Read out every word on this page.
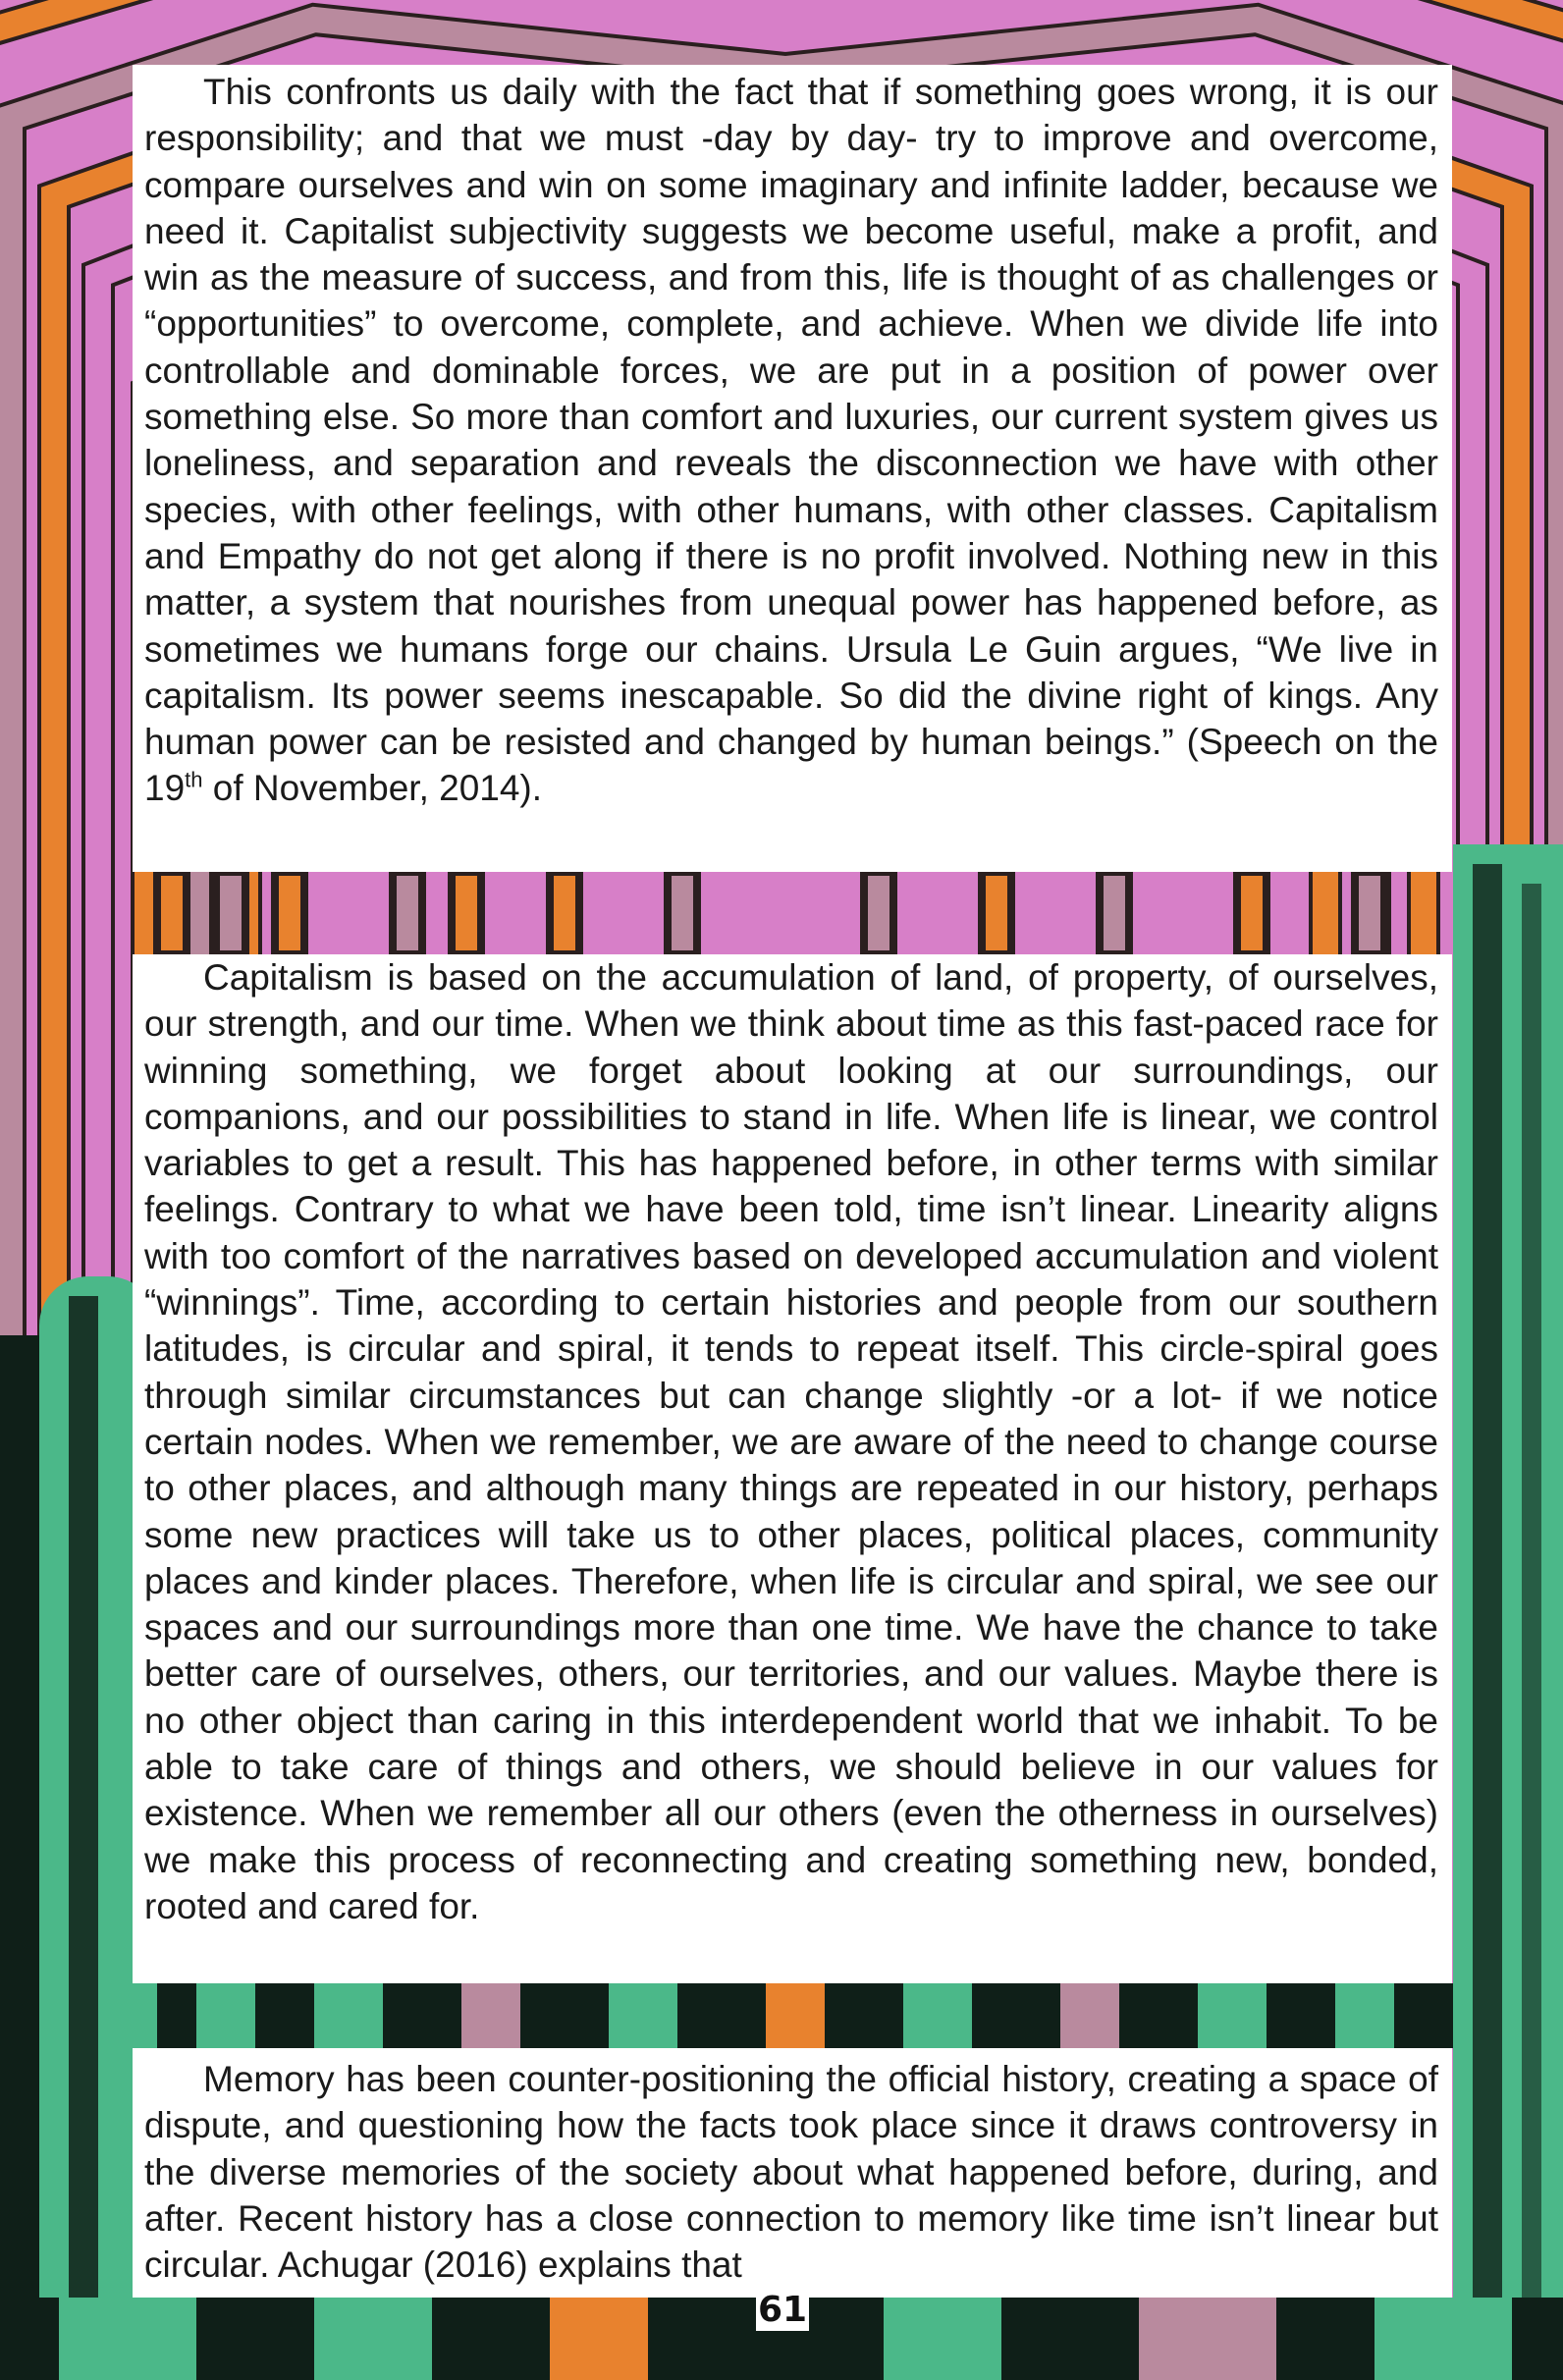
This confronts us daily with the fact that if something goes wrong, it is our responsibility; and that we must -day by day- try to improve and overcome, compare ourselves and win on some imaginary and infinite ladder, because we need it. Capitalist subjectivity suggests we become useful, make a profit, and win as the measure of success, and from this, life is thought of as challenges or “opportunities” to overcome, complete, and achieve. When we divide life into controllable and dominable forces, we are put in a position of power over something else. So more than comfort and luxuries, our current system gives us loneliness, and separation and reveals the disconnection we have with other species, with other feelings, with other humans, with other classes. Capitalism and Empathy do not get along if there is no profit involved. Nothing new in this matter, a system that nourishes from unequal power has happened before, as sometimes we humans forge our chains. Ursula Le Guin argues, “We live in capitalism. Its power seems inescapable. So did the divine right of kings. Any human power can be resisted and changed by human beings.” (Speech on the 19th of November, 2014).

Capitalism is based on the accumulation of land, of property, of ourselves, our strength, and our time. When we think about time as this fast-paced race for winning something, we forget about looking at our surroundings, our companions, and our possibilities to stand in life. When life is linear, we control variables to get a result. This has happened before, in other terms with similar feelings. Contrary to what we have been told, time isn’t linear. Linearity aligns with too comfort of the narratives based on developed accumulation and violent “winnings”. Time, according to certain histories and people from our southern latitudes, is circular and spiral, it tends to repeat itself. This circle-spiral goes through similar circumstances but can change slightly -or a lot- if we notice certain nodes. When we remember, we are aware of the need to change course to other places, and although many things are repeated in our history, perhaps some new practices will take us to other places, political places, community places and kinder places. Therefore, when life is circular and spiral, we see our spaces and our surroundings more than one time. We have the chance to take better care of ourselves, others, our territories, and our values. Maybe there is no other object than caring in this interdependent world that we inhabit. To be able to take care of things and others, we should believe in our values for existence. When we remember all our others (even the otherness in ourselves) we make this process of reconnecting and creating something new, bonded, rooted and cared for.

Memory has been counter-positioning the official history, creating a space of dispute, and questioning how the facts took place since it draws controversy in the diverse memories of the society about what happened before, during, and after. Recent history has a close connection to memory like time isn’t linear but circular. Achugar (2016) explains that

61
